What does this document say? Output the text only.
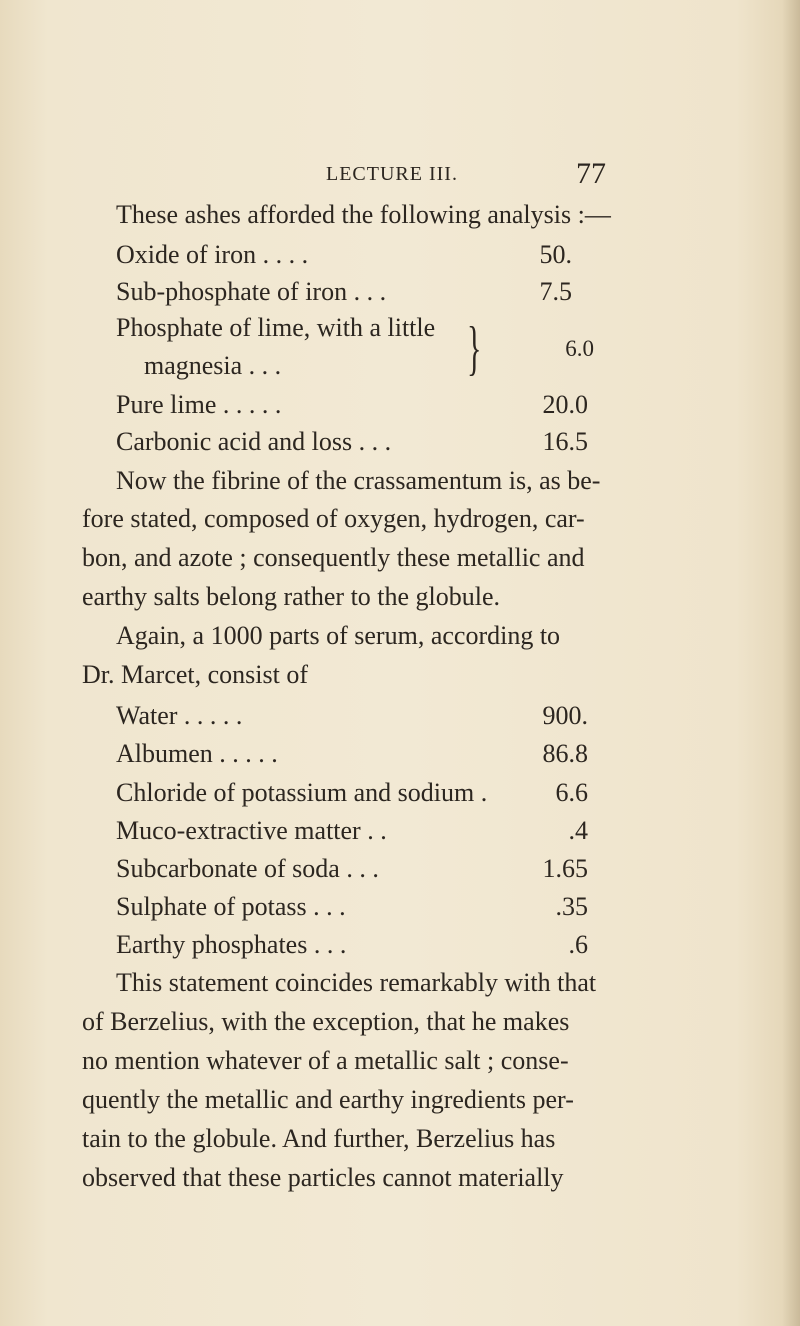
LECTURE III.	77
These ashes afforded the following analysis :—
Oxide of iron . . . .	50.
Sub-phosphate of iron . . .	7.5
Phosphate of lime, with a little
magnesia . . .	}	6.0
Pure lime . . . . .	20.0
Carbonic acid and loss . . .	16.5
Now the fibrine of the crassamentum is, as be-
fore stated, composed of oxygen, hydrogen, car-
bon, and azote ; consequently these metallic and
earthy salts belong rather to the globule.
Again, a 1000 parts of serum, according to
Dr. Marcet, consist of
Water . . . . .	900.
Albumen . . . . .	86.8
Chloride of potassium and sodium .	6.6
Muco-extractive matter . .	.4
Subcarbonate of soda . . .	1.65
Sulphate of potass . . .	.35
Earthy phosphates . . .	.6
This statement coincides remarkably with that
of Berzelius, with the exception, that he makes
no mention whatever of a metallic salt ; conse-
quently the metallic and earthy ingredients per-
tain to the globule. And further, Berzelius has
observed that these particles cannot materially
